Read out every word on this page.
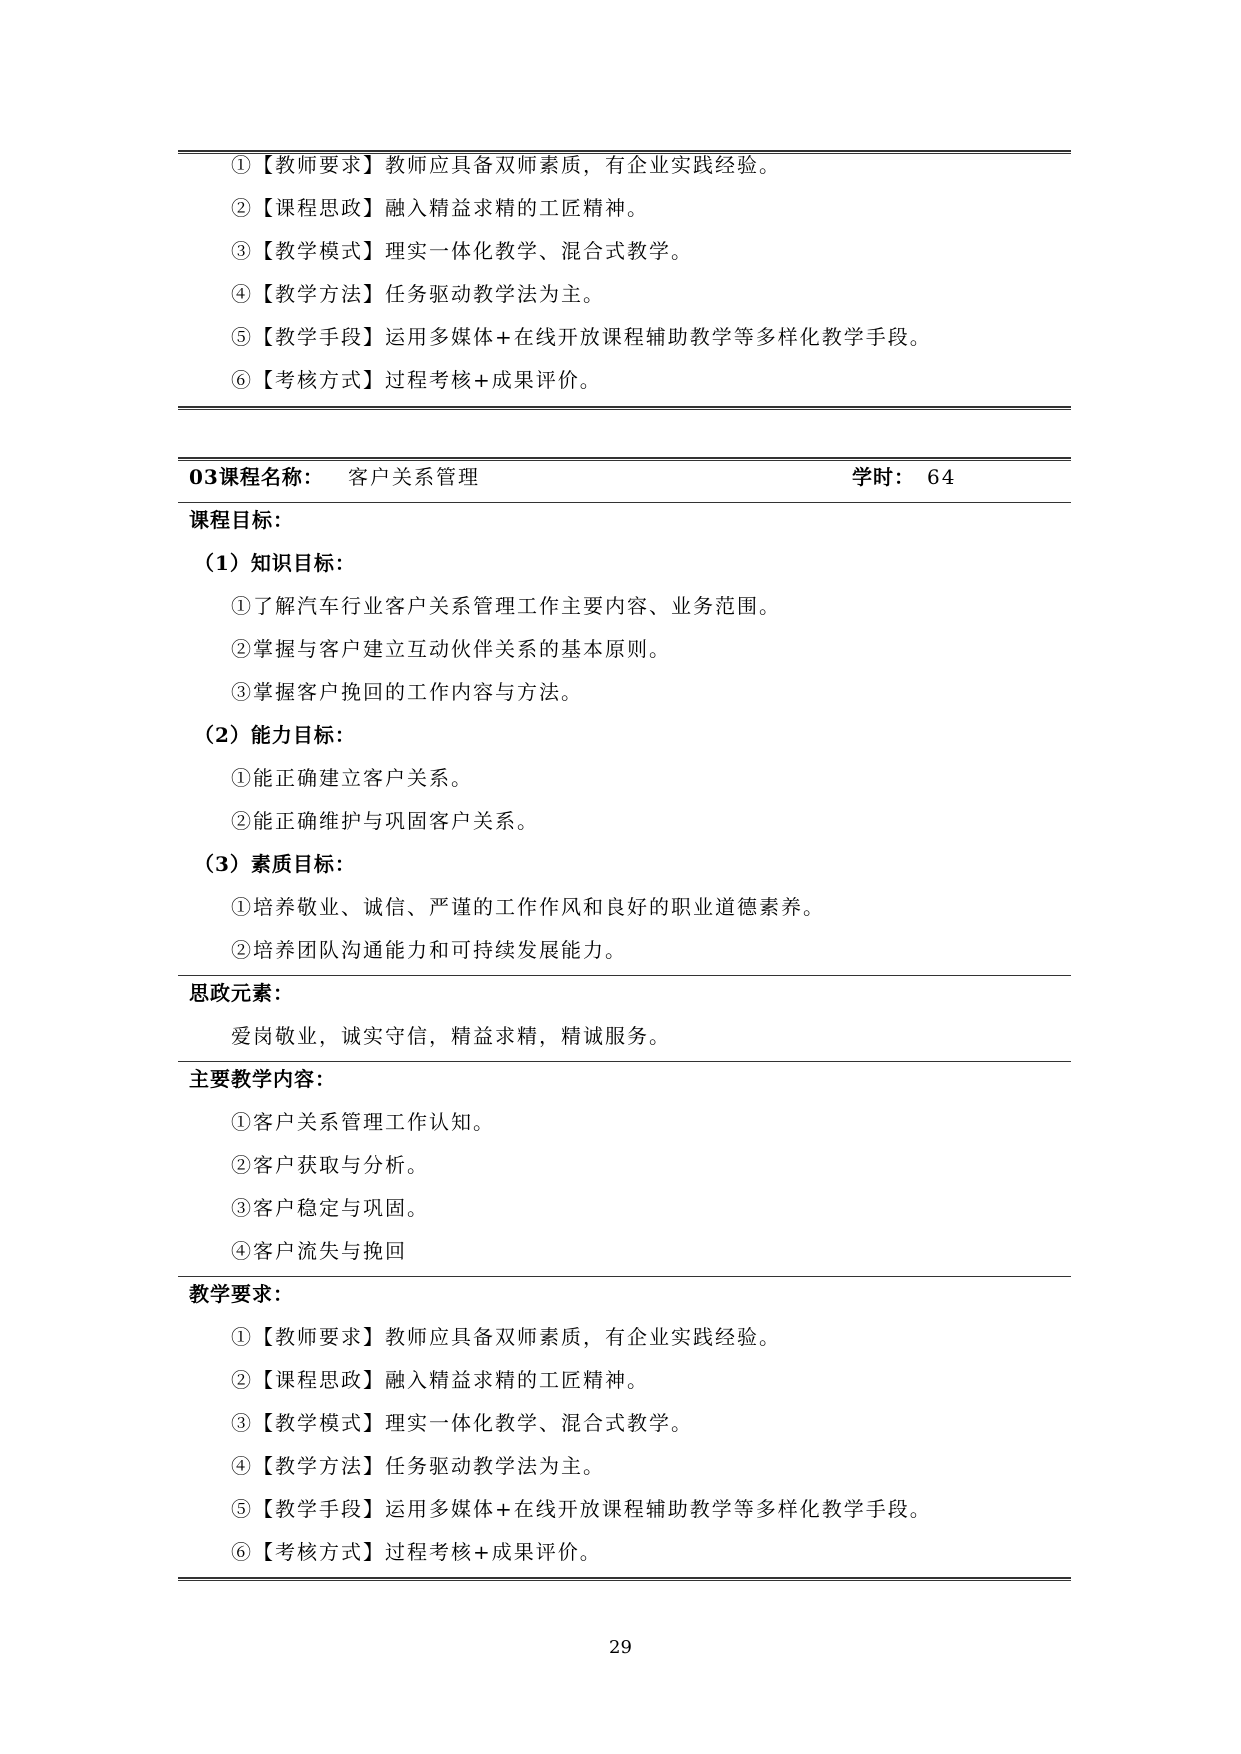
①【教师要求】教师应具备双师素质，有企业实践经验。
②【课程思政】融入精益求精的工匠精神。
③【教学模式】理实一体化教学、混合式教学。
④【教学方法】任务驱动教学法为主。
⑤【教学手段】运用多媒体+在线开放课程辅助教学等多样化教学手段。
⑥【考核方式】过程考核+成果评价。
03课程名称： 客户关系管理	学时： 64
课程目标：
（1）知识目标：
①了解汽车行业客户关系管理工作主要内容、业务范围。
②掌握与客户建立互动伙伴关系的基本原则。
③掌握客户挽回的工作内容与方法。
（2）能力目标：
①能正确建立客户关系。
②能正确维护与巩固客户关系。
（3）素质目标：
①培养敬业、诚信、严谨的工作作风和良好的职业道德素养。
②培养团队沟通能力和可持续发展能力。
思政元素：
爱岗敬业，诚实守信，精益求精，精诚服务。
主要教学内容：
①客户关系管理工作认知。
②客户获取与分析。
③客户稳定与巩固。
④客户流失与挽回
教学要求：
①【教师要求】教师应具备双师素质，有企业实践经验。
②【课程思政】融入精益求精的工匠精神。
③【教学模式】理实一体化教学、混合式教学。
④【教学方法】任务驱动教学法为主。
⑤【教学手段】运用多媒体+在线开放课程辅助教学等多样化教学手段。
⑥【考核方式】过程考核+成果评价。
29
